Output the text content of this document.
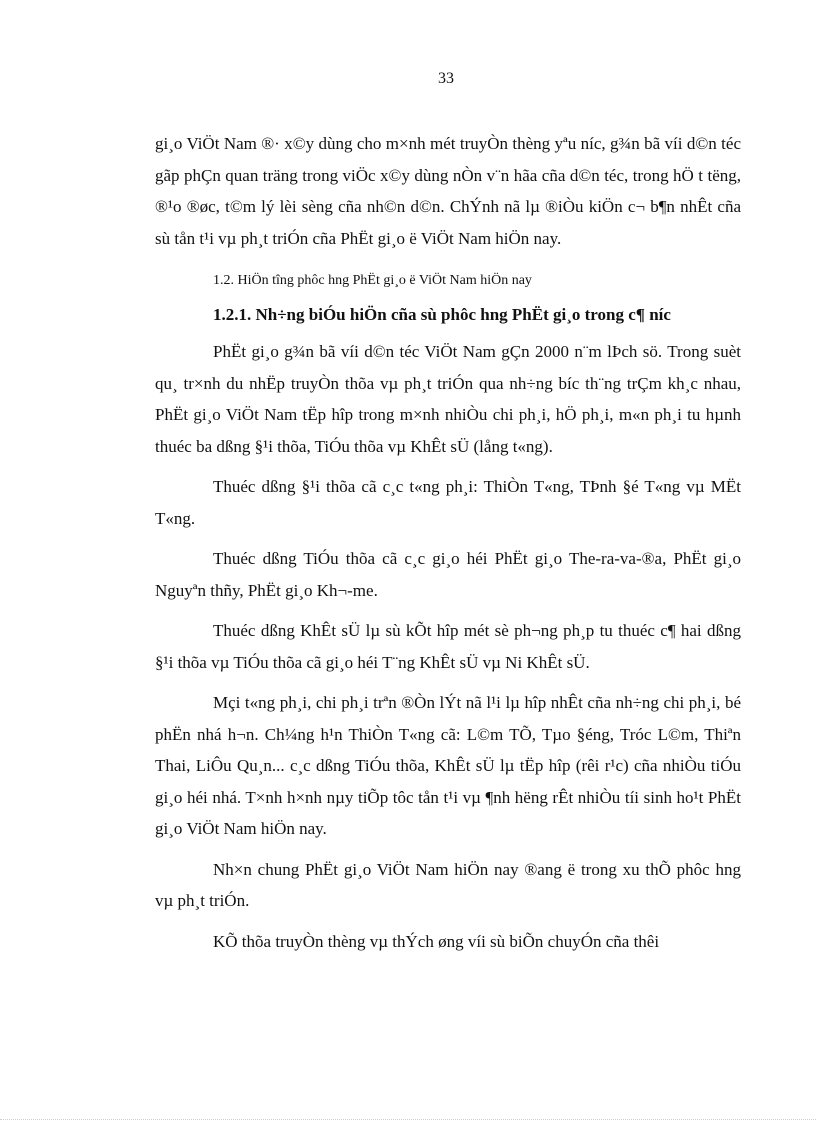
33

gi¸o ViÖt Nam ®· x©y dùng cho m×nh mét truyÒn thèng yªu níc, g¾n bã víi d©n téc gãp phÇn quan träng trong viÖc x©y dùng nÒn v¨n hãa cña d©n téc, trong hÖ t tëng, ®¹o ®øc, t©m lý lèi sèng cña nh©n d©n. ChÝnh nã lµ ®iÒu kiÖn c¬ b¶n nhÊt cña sù tån t¹i vµ ph¸t triÓn cña PhËt gi¸o ë ViÖt Nam hiÖn nay.

1.2. HiÖn tîng phôc hng PhËt gi¸o ë ViÖt Nam hiÖn nay
1.2.1. Nh÷ng biÓu hiÖn cña sù phôc hng PhËt gi¸o trong c¶ níc

PhËt gi¸o g¾n bã víi d©n téc ViÖt Nam gÇn 2000 n¨m lÞch sö. Trong suèt qu¸ tr×nh du nhËp truyÒn thõa vµ ph¸t triÓn qua nh÷ng bíc th¨ng trÇm kh¸c nhau, PhËt gi¸o ViÖt Nam tËp hîp trong m×nh nhiÒu chi ph¸i, hÖ ph¸i, m«n ph¸i tu hµnh thuéc ba dßng §¹i thõa, TiÓu thõa vµ KhÊt sÜ (lång t«ng).

Thuéc dßng §¹i thõa cã c¸c t«ng ph¸i: ThiÒn T«ng, TÞnh §é T«ng vµ MËt T«ng.

Thuéc dßng TiÓu thõa cã c¸c gi¸o héi PhËt gi¸o The-ra-va-®a, PhËt gi¸o Nguyªn thñy, PhËt gi¸o Kh¬-me.

Thuéc dßng KhÊt sÜ lµ sù kÕt hîp mét sè ph¬ng ph¸p tu thuéc c¶ hai dßng §¹i thõa vµ TiÓu thõa cã gi¸o héi T¨ng KhÊt sÜ vµ Ni KhÊt sÜ.

Mçi t«ng ph¸i, chi ph¸i trªn ®Òn lÝt nã l¹i lµ hîp nhÊt cña nh÷ng chi ph¸i, bé phËn nhá h¬n. Ch¼ng h¹n ThiÒn T«ng cã: L©m TÕ, Tµo §éng, Tróc L©m, Thiªn Thai, LiÔu Qu¸n... c¸c dßng TiÓu thõa, KhÊt sÜ lµ tËp hîp (rêi r¹c) cña nhiÒu tiÓu gi¸o héi nhá. T×nh h×nh nµy tiÕp tôc tån t¹i vµ ¶nh hëng rÊt nhiÒu tíi sinh ho¹t PhËt gi¸o ViÖt Nam hiÖn nay.

Nh×n chung PhËt gi¸o ViÖt Nam hiÖn nay ®ang ë trong xu thÕ phôc hng vµ ph¸t triÓn.

KÕ thõa truyÒn thèng vµ thÝch øng víi sù biÕn chuyÓn cña thêi
